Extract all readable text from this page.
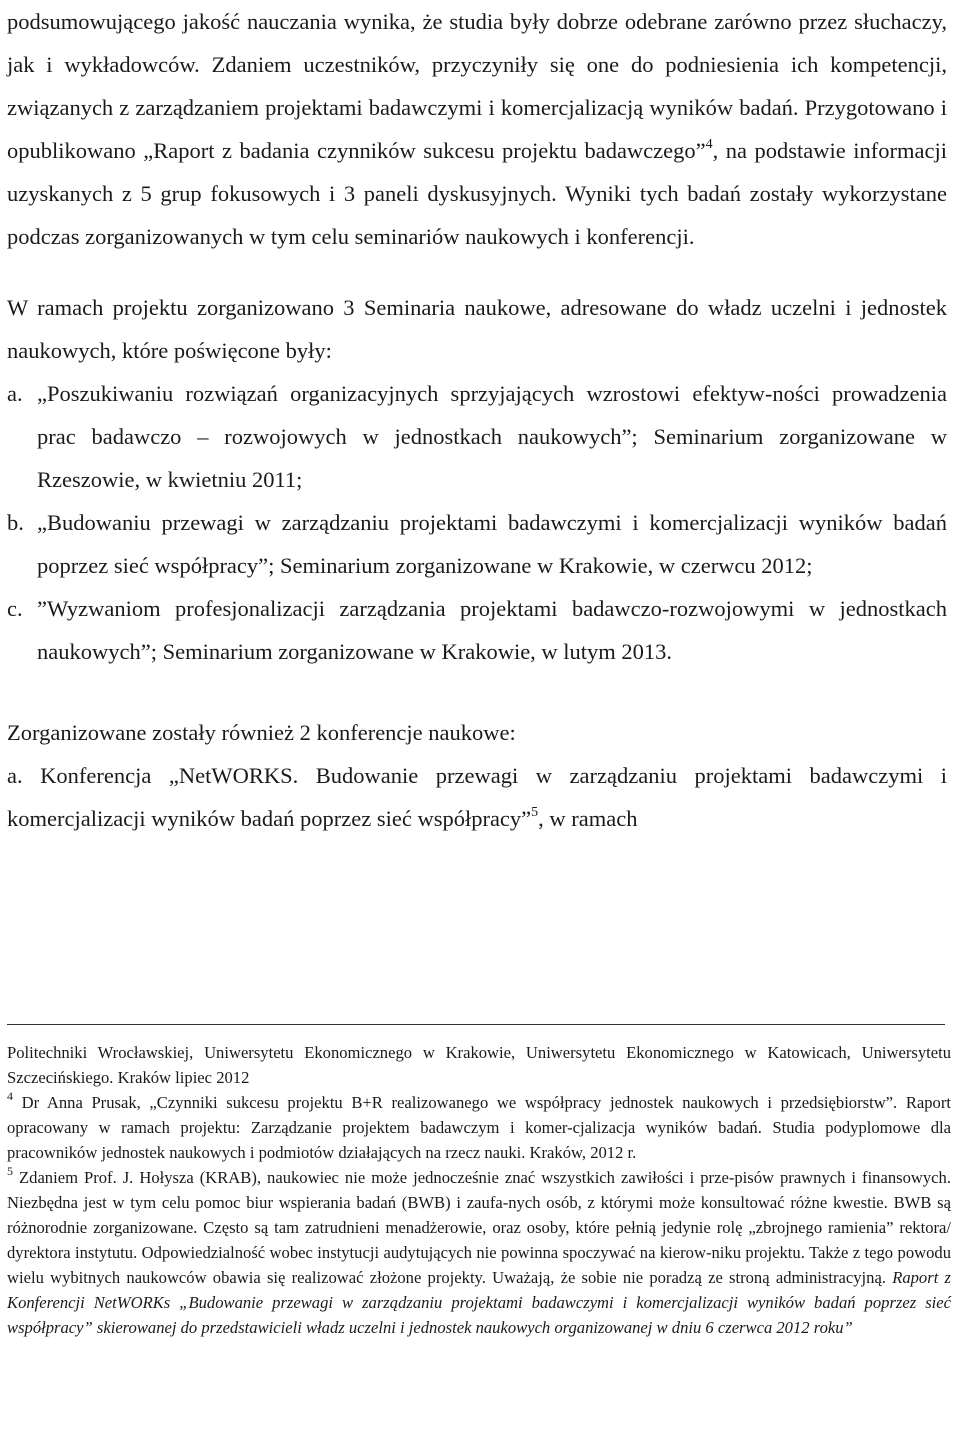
podsumowującego jakość nauczania wynika, że studia były dobrze odebrane zarówno przez słuchaczy, jak i wykładowców. Zdaniem uczestników, przyczyniły się one do podniesienia ich kompetencji, związanych z zarządzaniem projektami badawczymi i komercjalizacją wyników badań. Przygotowano i opublikowano „Raport z badania czynników sukcesu projektu badawczego”$^4$, na podstawie informacji uzyskanych z 5 grup fokusowych i 3 paneli dyskusyjnych. Wyniki tych badań zostały wykorzystane podczas zorganizowanych w tym celu seminariów naukowych i konferencji.

W ramach projektu zorganizowano 3 Seminaria naukowe, adresowane do władz uczelni i jednostek naukowych, które poświęcone były:

a. „Poszukiwaniu rozwiązań organizacyjnych sprzyjających wzrostowi efektyw-ności prowadzenia prac badawczo – rozwojowych w jednostkach naukowych”; Seminarium zorganizowane w Rzeszowie, w kwietniu 2011;
b. „Budowaniu przewagi w zarządzaniu projektami badawczymi i komercjalizacji wyników badań poprzez sieć współpracy”; Seminarium zorganizowane w Krakowie, w czerwcu 2012;
c. ”Wyzwaniom profesjonalizacji zarządzania projektami badawczo-rozwojowymi w jednostkach naukowych”; Seminarium zorganizowane w Krakowie, w lutym 2013.

Zorganizowane zostały również 2 konferencje naukowe:

a. Konferencja „NetWORKS. Budowanie przewagi w zarządzaniu projektami badawczymi i komercjalizacji wyników badań poprzez sieć współpracy”$^5$, w ramach

Politechniki Wrocławskiej, Uniwersytetu Ekonomicznego w Krakowie, Uniwersytetu Ekonomicznego w Katowicach, Uniwersytetu Szczecińskiego. Kraków lipiec 2012

$^4$ Dr Anna Prusak, „Czynniki sukcesu projektu B+R realizowanego we współpracy jednostek naukowych i przedsiębiorstw”. Raport opracowany w ramach projektu: Zarządzanie projektem badawczym i komer-cjalizacja wyników badań. Studia podyplomowe dla pracowników jednostek naukowych i podmiotów działających na rzecz nauki. Kraków, 2012 r.

$^5$ Zdaniem Prof. J. Hołysza (KRAB), naukowiec nie może jednocześnie znać wszystkich zawiłości i prze-pisów prawnych i finansowych. Niezbędna jest w tym celu pomoc biur wspierania badań (BWB) i zaufa-nych osób, z którymi może konsultować różne kwestie. BWB są różnorodnie zorganizowane. Często są tam zatrudnieni menadżerowie, oraz osoby, które pełnią jedynie rolę „zbrojnego ramienia” rektora/ dyrektora instytutu. Odpowiedzialność wobec instytucji audytujących nie powinna spoczywać na kierow-niku projektu. Także z tego powodu wielu wybitnych naukowców obawia się realizować złożone projekty. Uważają, że sobie nie poradzą ze stroną administracyjną. Raport z Konferencji NetWORKs „Budowanie przewagi w zarządzaniu projektami badawczymi i komercjalizacji wyników badań poprzez sieć współpracy” skierowanej do przedstawicieli władz uczelni i jednostek naukowych organizowanej w dniu 6 czerwca 2012 roku”
